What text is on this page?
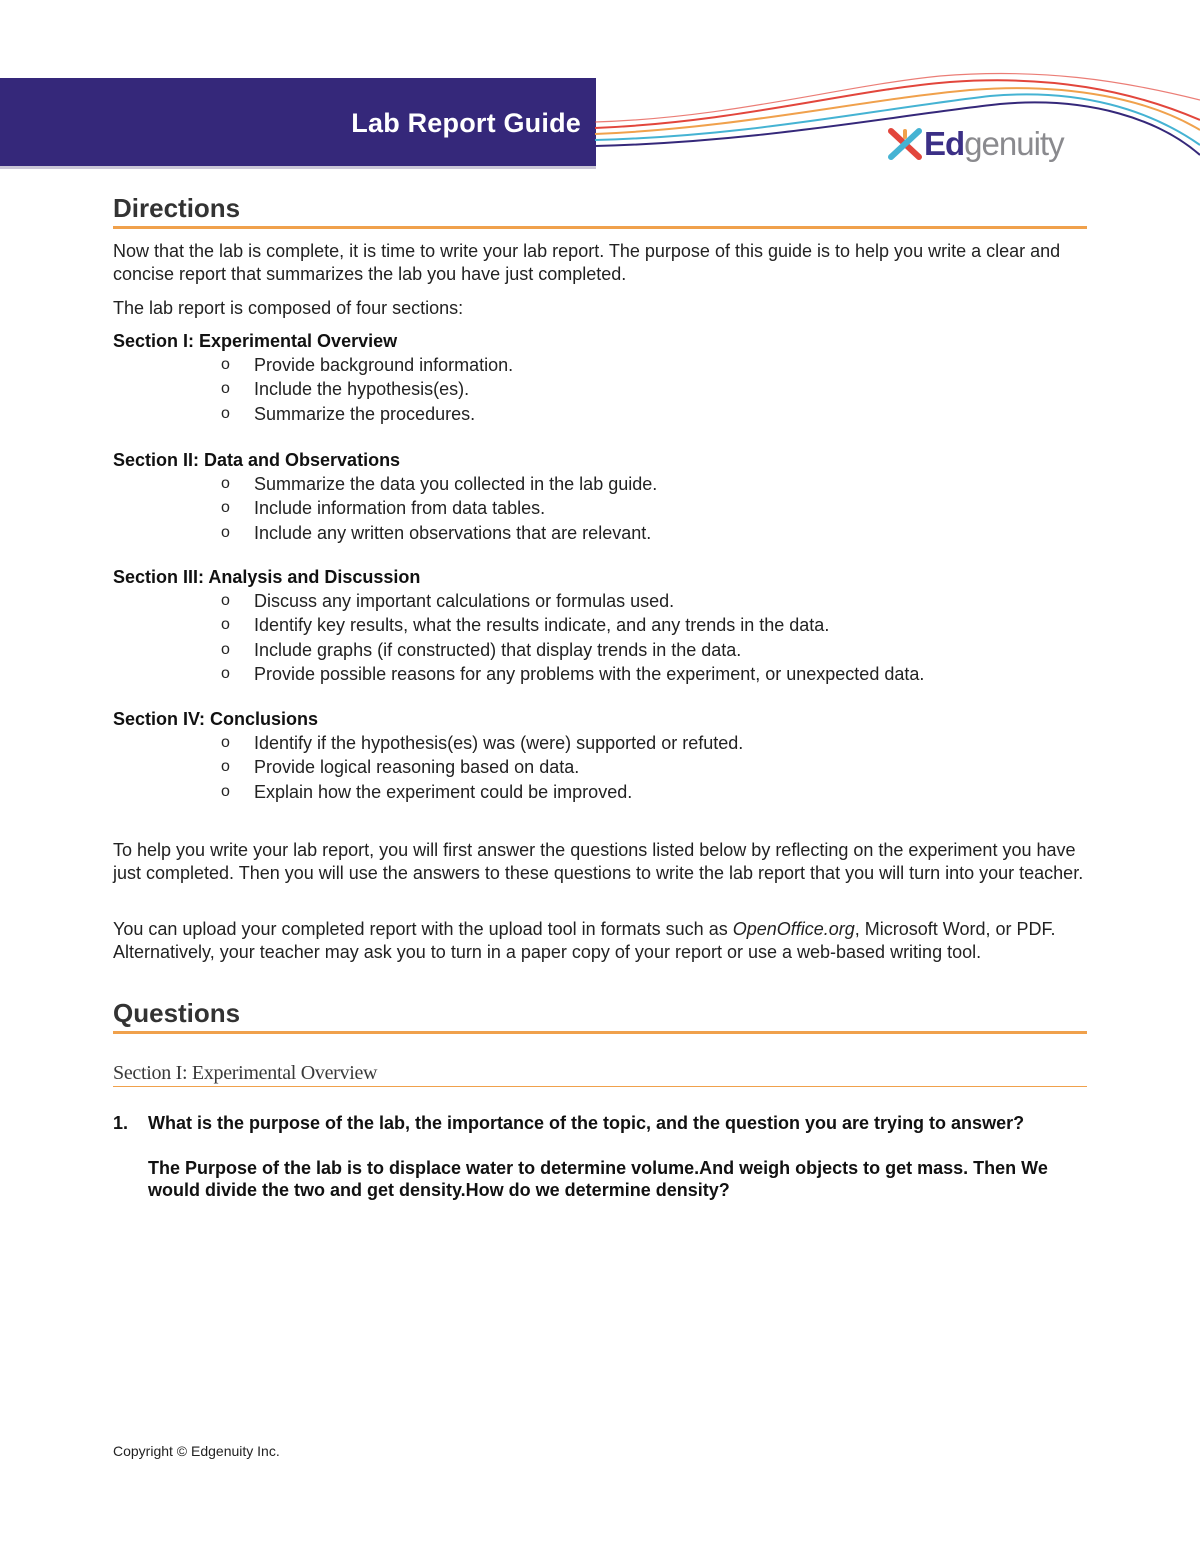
Lab Report Guide
Edgenuity
Directions
Now that the lab is complete, it is time to write your lab report. The purpose of this guide is to help you write a clear and concise report that summarizes the lab you have just completed.
The lab report is composed of four sections:
Section I: Experimental Overview
o Provide background information.
o Include the hypothesis(es).
o Summarize the procedures.
Section II: Data and Observations
o Summarize the data you collected in the lab guide.
o Include information from data tables.
o Include any written observations that are relevant.
Section III: Analysis and Discussion
o Discuss any important calculations or formulas used.
o Identify key results, what the results indicate, and any trends in the data.
o Include graphs (if constructed) that display trends in the data.
o Provide possible reasons for any problems with the experiment, or unexpected data.
Section IV: Conclusions
o Identify if the hypothesis(es) was (were) supported or refuted.
o Provide logical reasoning based on data.
o Explain how the experiment could be improved.
To help you write your lab report, you will first answer the questions listed below by reflecting on the experiment you have just completed. Then you will use the answers to these questions to write the lab report that you will turn into your teacher.
You can upload your completed report with the upload tool in formats such as OpenOffice.org, Microsoft Word, or PDF. Alternatively, your teacher may ask you to turn in a paper copy of your report or use a web-based writing tool.
Questions
Section I: Experimental Overview
1. What is the purpose of the lab, the importance of the topic, and the question you are trying to answer?
The Purpose of the lab is to displace water to determine volume.And weigh objects to get mass. Then We would divide the two and get density.How do we determine density?
Copyright © Edgenuity Inc.
